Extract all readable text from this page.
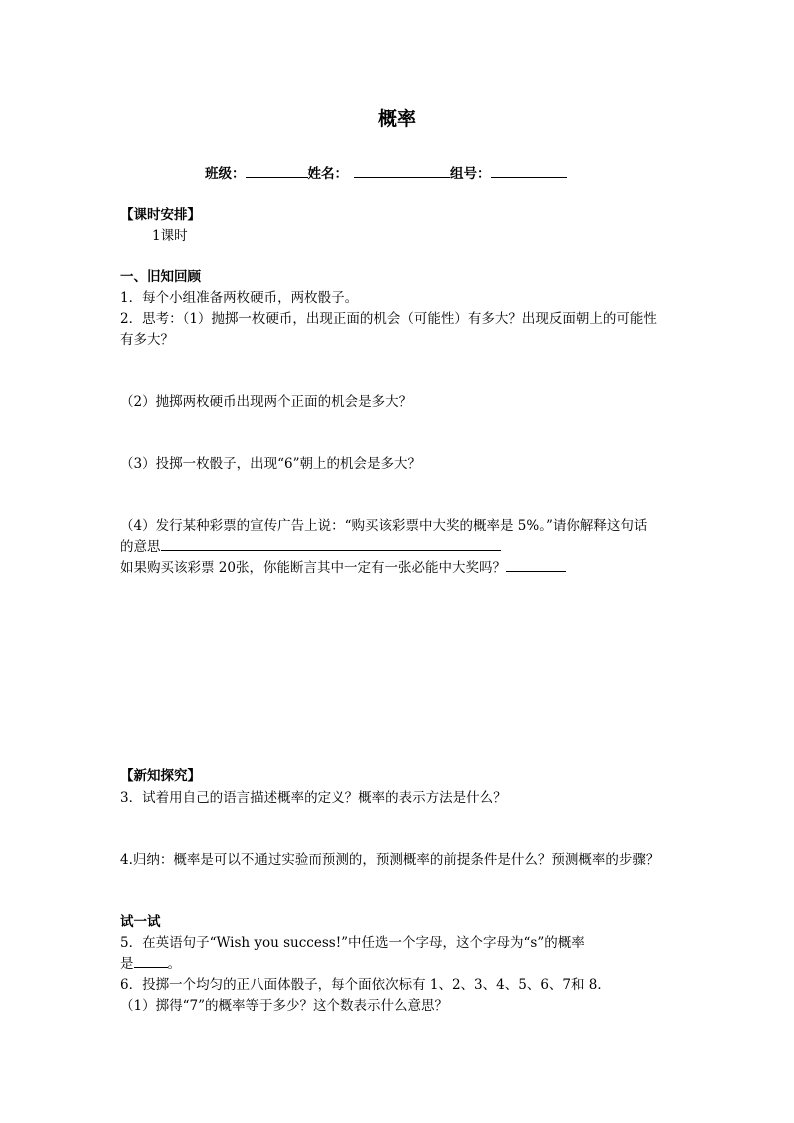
概率
班级：	姓名：	组号：
【课时安排】
1课时
一、旧知回顾
1．每个小组准备两枚硬币，两枚骰子。
2．思考：（1）抛掷一枚硬币，出现正面的机会（可能性）有多大？出现反面朝上的可能性
有多大？
（2）抛掷两枚硬币出现两个正面的机会是多大？
（3）投掷一枚骰子，出现“6”朝上的机会是多大？
（4）发行某种彩票的宣传广告上说：“购买该彩票中大奖的概率是 5%。”请你解释这句话
的意思
如果购买该彩票 20张，你能断言其中一定有一张必能中大奖吗？
【新知探究】
3．试着用自己的语言描述概率的定义？概率的表示方法是什么？
4.归纳：概率是可以不通过实验而预测的，预测概率的前提条件是什么？预测概率的步骤？
试一试
5．在英语句子“Wish you success!”中任选一个字母，这个字母为“s”的概率
是	。
6．投掷一个均匀的正八面体骰子，每个面依次标有 1、2、3、4、5、6、7和 8．
（1）掷得“7”的概率等于多少？这个数表示什么意思？
